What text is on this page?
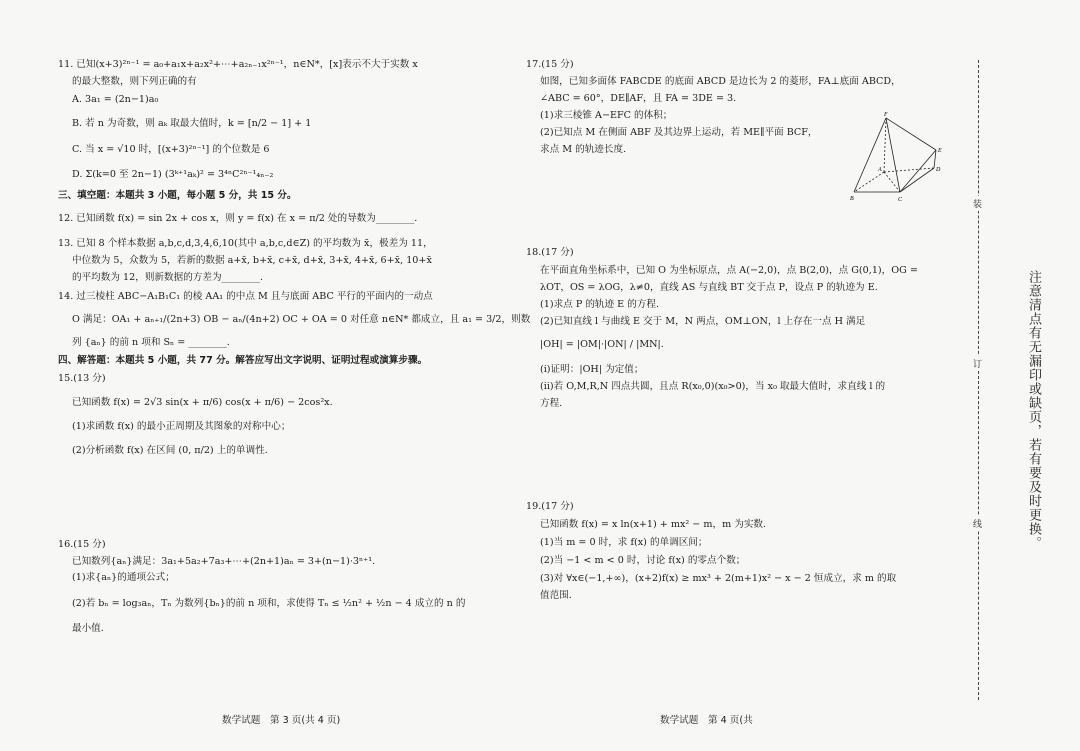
11. 已知(x+3)²ⁿ⁻¹ = a₀+a₁x+a₂x²+⋯+a₂ₙ₋₁x²ⁿ⁻¹，n∈N*，[x]表示不大于实数 x
的最大整数，则下列正确的有
A. 3a₁ = (2n−1)a₀
B. 若 n 为奇数，则 aₖ 取最大值时，k = [n/2 − 1] + 1
C. 当 x = √10 时，[(x+3)²ⁿ⁻¹] 的个位数是 6
D. Σ(k=0 至 2n−1) (3ᵏ⁺¹aₖ)² = 3⁴ⁿC²ⁿ⁻¹₄ₙ₋₂
三、填空题：本题共 3 小题，每小题 5 分，共 15 分。
12. 已知函数 f(x) = sin 2x + cos x，则 y = f(x) 在 x = π/2 处的导数为________.
13. 已知 8 个样本数据 a,b,c,d,3,4,6,10(其中 a,b,c,d∈Z) 的平均数为 x̄，极差为 11，
中位数为 5，众数为 5，若新的数据 a+x̄, b+x̄, c+x̄, d+x̄, 3+x̄, 4+x̄, 6+x̄, 10+x̄
的平均数为 12，则新数据的方差为________.
14. 过三棱柱 ABC−A₁B₁C₁ 的棱 AA₁ 的中点 M 且与底面 ABC 平行的平面内的一动点
O 满足：OA₁ + aₙ₊₁/(2n+3) OB − aₙ/(4n+2) OC + OA = 0 对任意 n∈N* 都成立，且 a₁ = 3/2，则数
列 {aₙ} 的前 n 项和 Sₙ = ________.
四、解答题：本题共 5 小题，共 77 分。解答应写出文字说明、证明过程或演算步骤。
15.(13 分)
已知函数 f(x) = 2√3 sin(x + π/6) cos(x + π/6) − 2cos²x.
(1)求函数 f(x) 的最小正周期及其图象的对称中心；
(2)分析函数 f(x) 在区间 (0, π/2) 上的单调性.
16.(15 分)
已知数列{aₙ}满足：3a₁+5a₂+7a₃+⋯+(2n+1)aₙ = 3+(n−1)·3ⁿ⁺¹.
(1)求{aₙ}的通项公式；
(2)若 bₙ = log₃aₙ，Tₙ 为数列{bₙ}的前 n 项和，求使得 Tₙ ≤ ½n² + ½n − 4 成立的 n 的
最小值.
数学试题　第 3 页(共 4 页)
17.(15 分)
如图，已知多面体 FABCDE 的底面 ABCD 是边长为 2 的菱形，FA⊥底面 ABCD，
∠ABC = 60°，DE∥AF，且 FA = 3DE = 3.
(1)求三棱锥 A−EFC 的体积；
(2)已知点 M 在侧面 ABF 及其边界上运动，若 ME∥平面 BCF，
求点 M 的轨迹长度.
F
E
D
A
B	C
18.(17 分)
在平面直角坐标系中，已知 O 为坐标原点，点 A(−2,0)，点 B(2,0)，点 G(0,1)，OG =
λOT，OS = λOG，λ≠0，直线 AS 与直线 BT 交于点 P，设点 P 的轨迹为 E.
(1)求点 P 的轨迹 E 的方程.
(2)已知直线 l 与曲线 E 交于 M，N 两点，OM⊥ON，l 上存在一点 H 满足
|OH| = |OM|·|ON| / |MN|.
(ⅰ)证明：|OH| 为定值；
(ⅱ)若 O,M,R,N 四点共圆，且点 R(x₀,0)(x₀>0)，当 x₀ 取最大值时，求直线 l 的
方程.
19.(17 分)
已知函数 f(x) = x ln(x+1) + mx² − m，m 为实数.
(1)当 m = 0 时，求 f(x) 的单调区间；
(2)当 −1 < m < 0 时，讨论 f(x) 的零点个数；
(3)对 ∀x∈(−1,+∞)，(x+2)f(x) ≥ mx³ + 2(m+1)x² − x − 2 恒成立，求 m 的取
值范围.
数学试题　第 4 页(共
装
订
线	注意清点有无漏印或缺页，若有要及时更换。
